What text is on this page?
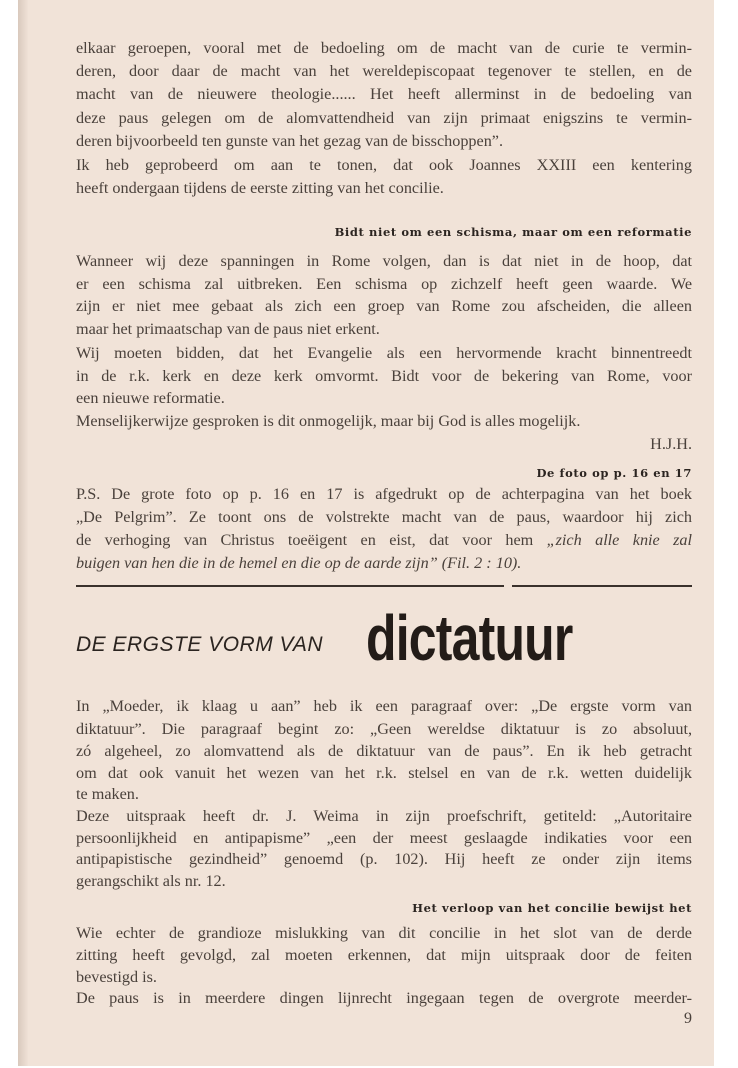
elkaar geroepen, vooral met de bedoeling om de macht van de curie te vermin-
deren, door daar de macht van het wereldepiscopaat tegenover te stellen, en de
macht van de nieuwere theologie...... Het heeft allerminst in de bedoeling van
deze paus gelegen om de alomvattendheid van zijn primaat enigszins te vermin-
deren bijvoorbeeld ten gunste van het gezag van de bisschoppen”.
Ik heb geprobeerd om aan te tonen, dat ook Joannes XXIII een kentering
heeft ondergaan tijdens de eerste zitting van het concilie.
Bidt niet om een schisma, maar om een reformatie
Wanneer wij deze spanningen in Rome volgen, dan is dat niet in de hoop, dat
er een schisma zal uitbreken. Een schisma op zichzelf heeft geen waarde. We
zijn er niet mee gebaat als zich een groep van Rome zou afscheiden, die alleen
maar het primaatschap van de paus niet erkent.
Wij moeten bidden, dat het Evangelie als een hervormende kracht binnentreedt
in de r.k. kerk en deze kerk omvormt. Bidt voor de bekering van Rome, voor
een nieuwe reformatie.
Menselijkerwijze gesproken is dit onmogelijk, maar bij God is alles mogelijk.
H.J.H.
De foto op p. 16 en 17
P.S. De grote foto op p. 16 en 17 is afgedrukt op de achterpagina van het boek
„De Pelgrim”. Ze toont ons de volstrekte macht van de paus, waardoor hij zich
de verhoging van Christus toeëigent en eist, dat voor hem „zich alle knie zal
buigen van hen die in de hemel en die op de aarde zijn” (Fil. 2 : 10).
DE ERGSTE VORM VAN dictatuur
In „Moeder, ik klaag u aan” heb ik een paragraaf over: „De ergste vorm van
diktatuur”. Die paragraaf begint zo: „Geen wereldse diktatuur is zo absoluut,
zó algeheel, zo alomvattend als de diktatuur van de paus”. En ik heb getracht
om dat ook vanuit het wezen van het r.k. stelsel en van de r.k. wetten duidelijk
te maken.
Deze uitspraak heeft dr. J. Weima in zijn proefschrift, getiteld: „Autoritaire
persoonlijkheid en antipapisme” „een der meest geslaagde indikaties voor een
antipapistische gezindheid” genoemd (p. 102). Hij heeft ze onder zijn items
gerangschikt als nr. 12.
Het verloop van het concilie bewijst het
Wie echter de grandioze mislukking van dit concilie in het slot van de derde
zitting heeft gevolgd, zal moeten erkennen, dat mijn uitspraak door de feiten
bevestigd is.
De paus is in meerdere dingen lijnrecht ingegaan tegen de overgrote meerder-
9
